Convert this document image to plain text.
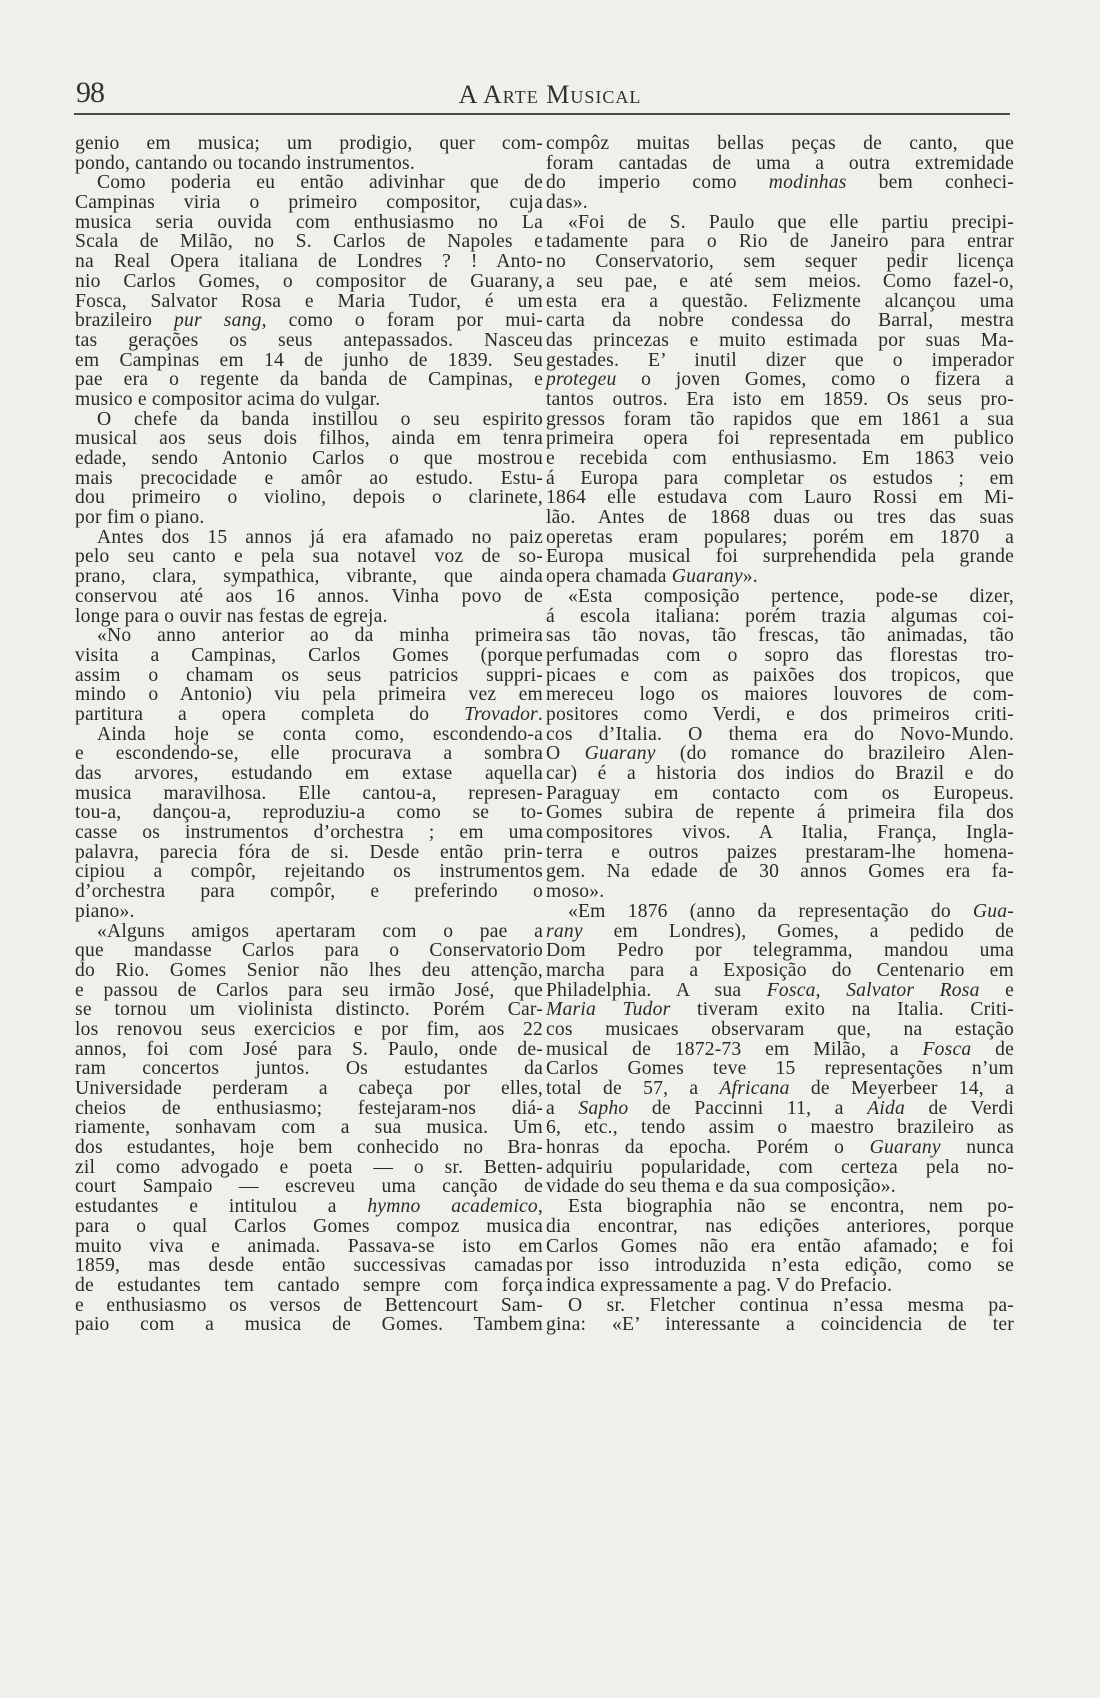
98	A Arte Musical
genio em musica; um prodigio, quer com-
pondo, cantando ou tocando instrumentos.
Como poderia eu então adivinhar que de
Campinas viria o primeiro compositor, cuja
musica seria ouvida com enthusiasmo no La
Scala de Milão, no S. Carlos de Napoles e
na Real Opera italiana de Londres ? ! Anto-
nio Carlos Gomes, o compositor de Guarany,
Fosca, Salvator Rosa e Maria Tudor, é um
brazileiro pur sang, como o foram por mui-
tas gerações os seus antepassados. Nasceu
em Campinas em 14 de junho de 1839. Seu
pae era o regente da banda de Campinas, e
musico e compositor acima do vulgar.
O chefe da banda instillou o seu espirito
musical aos seus dois filhos, ainda em tenra
edade, sendo Antonio Carlos o que mostrou
mais precocidade e amôr ao estudo. Estu-
dou primeiro o violino, depois o clarinete,
por fim o piano.
Antes dos 15 annos já era afamado no paiz
pelo seu canto e pela sua notavel voz de so-
prano, clara, sympathica, vibrante, que ainda
conservou até aos 16 annos. Vinha povo de
longe para o ouvir nas festas de egreja.
«No anno anterior ao da minha primeira
visita a Campinas, Carlos Gomes (porque
assim o chamam os seus patricios suppri-
mindo o Antonio) viu pela primeira vez em
partitura a opera completa do Trovador.
Ainda hoje se conta como, escondendo-a
e escondendo-se, elle procurava a sombra
das arvores, estudando em extase aquella
musica maravilhosa. Elle cantou-a, represen-
tou-a, dançou-a, reproduziu-a como se to-
casse os instrumentos d’orchestra ; em uma
palavra, parecia fóra de si. Desde então prin-
cipiou a compôr, rejeitando os instrumentos
d’orchestra para compôr, e preferindo o
piano».
«Alguns amigos apertaram com o pae a
que mandasse Carlos para o Conservatorio
do Rio. Gomes Senior não lhes deu attenção,
e passou de Carlos para seu irmão José, que
se tornou um violinista distincto. Porém Car-
los renovou seus exercicios e por fim, aos 22
annos, foi com José para S. Paulo, onde de-
ram concertos juntos. Os estudantes da
Universidade perderam a cabeça por elles,
cheios de enthusiasmo; festejaram-nos diá-
riamente, sonhavam com a sua musica. Um
dos estudantes, hoje bem conhecido no Bra-
zil como advogado e poeta — o sr. Betten-
court Sampaio — escreveu uma canção de
estudantes e intitulou a hymno academico,
para o qual Carlos Gomes compoz musica
muito viva e animada. Passava-se isto em
1859, mas desde então successivas camadas
de estudantes tem cantado sempre com força
e enthusiasmo os versos de Bettencourt Sam-
paio com a musica de Gomes. Tambem
compôz muitas bellas peças de canto, que
foram cantadas de uma a outra extremidade
do imperio como modinhas bem conheci-
das».
«Foi de S. Paulo que elle partiu precipi-
tadamente para o Rio de Janeiro para entrar
no Conservatorio, sem sequer pedir licença
a seu pae, e até sem meios. Como fazel-o,
esta era a questão. Felizmente alcançou uma
carta da nobre condessa do Barral, mestra
das princezas e muito estimada por suas Ma-
gestades. E’ inutil dizer que o imperador
protegeu o joven Gomes, como o fizera a
tantos outros. Era isto em 1859. Os seus pro-
gressos foram tão rapidos que em 1861 a sua
primeira opera foi representada em publico
e recebida com enthusiasmo. Em 1863 veio
á Europa para completar os estudos ; em
1864 elle estudava com Lauro Rossi em Mi-
lão. Antes de 1868 duas ou tres das suas
operetas eram populares; porém em 1870 a
Europa musical foi surprehendida pela grande
opera chamada Guarany».
«Esta composição pertence, pode-se dizer,
á escola italiana: porém trazia algumas coi-
sas tão novas, tão frescas, tão animadas, tão
perfumadas com o sopro das florestas tro-
picaes e com as paixões dos tropicos, que
mereceu logo os maiores louvores de com-
positores como Verdi, e dos primeiros criti-
cos d’Italia. O thema era do Novo-Mundo.
O Guarany (do romance do brazileiro Alen-
car) é a historia dos indios do Brazil e do
Paraguay em contacto com os Europeus.
Gomes subira de repente á primeira fila dos
compositores vivos. A Italia, França, Ingla-
terra e outros paizes prestaram-lhe homena-
gem. Na edade de 30 annos Gomes era fa-
moso».
«Em 1876 (anno da representação do Gua-
rany em Londres), Gomes, a pedido de
Dom Pedro por telegramma, mandou uma
marcha para a Exposição do Centenario em
Philadelphia. A sua Fosca, Salvator Rosa e
Maria Tudor tiveram exito na Italia. Criti-
cos musicaes observaram que, na estação
musical de 1872-73 em Milão, a Fosca de
Carlos Gomes teve 15 representações n’um
total de 57, a Africana de Meyerbeer 14, a
a Sapho de Paccinni 11, a Aida de Verdi
6, etc., tendo assim o maestro brazileiro as
honras da epocha. Porém o Guarany nunca
adquiriu popularidade, com certeza pela no-
vidade do seu thema e da sua composição».
Esta biographia não se encontra, nem po-
dia encontrar, nas edições anteriores, porque
Carlos Gomes não era então afamado; e foi
por isso introduzida n’esta edição, como se
indica expressamente a pag. V do Prefacio.
O sr. Fletcher continua n’essa mesma pa-
gina: «E’ interessante a coincidencia de ter
